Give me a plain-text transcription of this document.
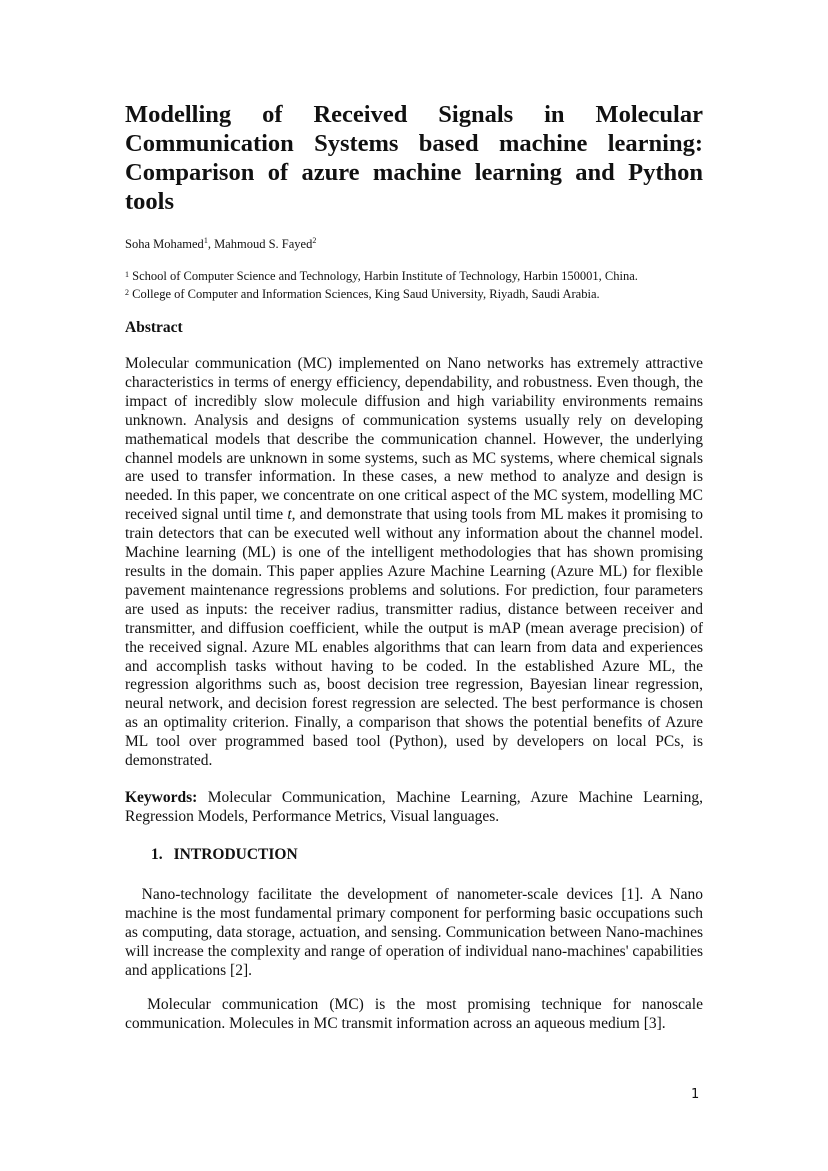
Modelling of Received Signals in Molecular Communication Systems based machine learning: Comparison of azure machine learning and Python tools
Soha Mohamed$^1$, Mahmoud S. Fayed$^2$
$^1$ School of Computer Science and Technology, Harbin Institute of Technology, Harbin 150001, China.
$^2$ College of Computer and Information Sciences, King Saud University, Riyadh, Saudi Arabia.
Abstract

Molecular communication (MC) implemented on Nano networks has extremely attractive characteristics in terms of energy efficiency, dependability, and robustness. Even though, the impact of incredibly slow molecule diffusion and high variability environments remains unknown. Analysis and designs of communication systems usually rely on developing mathematical models that describe the communication channel. However, the underlying channel models are unknown in some systems, such as MC systems, where chemical signals are used to transfer information. In these cases, a new method to analyze and design is needed. In this paper, we concentrate on one critical aspect of the MC system, modelling MC received signal until time t, and demonstrate that using tools from ML makes it promising to train detectors that can be executed well without any information about the channel model. Machine learning (ML) is one of the intelligent methodologies that has shown promising results in the domain. This paper applies Azure Machine Learning (Azure ML) for flexible pavement maintenance regressions problems and solutions. For prediction, four parameters are used as inputs: the receiver radius, transmitter radius, distance between receiver and transmitter, and diffusion coefficient, while the output is mAP (mean average precision) of the received signal. Azure ML enables algorithms that can learn from data and experiences and accomplish tasks without having to be coded. In the established Azure ML, the regression algorithms such as, boost decision tree regression, Bayesian linear regression, neural network, and decision forest regression are selected. The best performance is chosen as an optimality criterion. Finally, a comparison that shows the potential benefits of Azure ML tool over programmed based tool (Python), used by developers on local PCs, is demonstrated.

Keywords: Molecular Communication, Machine Learning, Azure Machine Learning, Regression Models, Performance Metrics, Visual languages.

1. INTRODUCTION

Nano-technology facilitate the development of nanometer-scale devices [1]. A Nano machine is the most fundamental primary component for performing basic occupations such as computing, data storage, actuation, and sensing. Communication between Nano-machines will increase the complexity and range of operation of individual nano-machines' capabilities and applications [2].

Molecular communication (MC) is the most promising technique for nanoscale communication. Molecules in MC transmit information across an aqueous medium [3].

1
